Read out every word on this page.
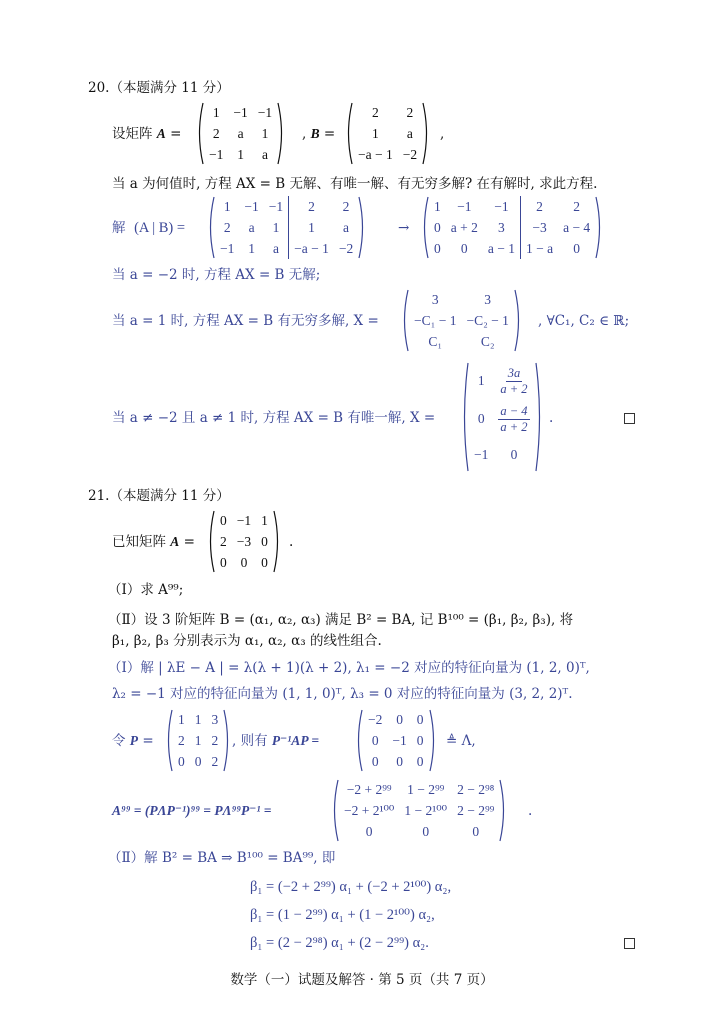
20.（本题满分 11 分）
设矩阵 A =
1	−1	−1
2	a	1
−1	1	a
, B =
2	2
1	a
−a − 1	−2
,
当 a 为何值时, 方程 AX = B 无解、有唯一解、有无穷多解? 在有解时, 求此方程.
解 (A | B) =
1	−1	−1	2	2
2	a	1	1	a
−1	1	a	−a − 1	−2
→
1	−1	−1	2	2
0	a + 2	3	−3	a − 4
0	0	a − 1	1 − a	0
当 a = −2 时, 方程 AX = B 无解;
当 a = 1 时, 方程 AX = B 有无穷多解, X =
3	3
−C₁ − 1	−C₂ − 1
C₁	C₂
, ∀C₁, C₂ ∈ ℝ;
当 a ≠ −2 且 a ≠ 1 时, 方程 AX = B 有唯一解, X =
1	$\frac{3a}{a + 2}$

0	$\frac{a - 4}{a + 2}$

−1	0
.
21.（本题满分 11 分）
已知矩阵 A =
0	−1	1
2	−3	0
0	0	0
.
（Ⅰ）求 A⁹⁹;
（Ⅱ）设 3 阶矩阵 B = (α₁, α₂, α₃) 满足 B² = BA, 记 B¹⁰⁰ = (β₁, β₂, β₃), 将
β₁, β₂, β₃ 分别表示为 α₁, α₂, α₃ 的线性组合.
（Ⅰ）解 | λE − A | = λ(λ + 1)(λ + 2), λ₁ = −2 对应的特征向量为 (1, 2, 0)ᵀ,
λ₂ = −1 对应的特征向量为 (1, 1, 0)ᵀ, λ₃ = 0 对应的特征向量为 (3, 2, 2)ᵀ.
令 P =
1	1	3
2	1	2
0	0	2
, 则有 P⁻¹AP =
−2	0	0
0	−1	0
0	0	0
≜ Λ,
A⁹⁹ = (PΛP⁻¹)⁹⁹ = PΛ⁹⁹P⁻¹ =
−2 + 2⁹⁹	1 − 2⁹⁹	2 − 2⁹⁸
−2 + 2¹⁰⁰	1 − 2¹⁰⁰	2 − 2⁹⁹
0	0	0
.
（Ⅱ）解 B² = BA ⇒ B¹⁰⁰ = BA⁹⁹, 即
β₁ = (−2 + 2⁹⁹) α₁ + (−2 + 2¹⁰⁰) α₂,
β₁ = (1 − 2⁹⁹) α₁ + (1 − 2¹⁰⁰) α₂,
β₁ = (2 − 2⁹⁸) α₁ + (2 − 2⁹⁹) α₂.
数学（一）试题及解答 · 第 5 页（共 7 页）
